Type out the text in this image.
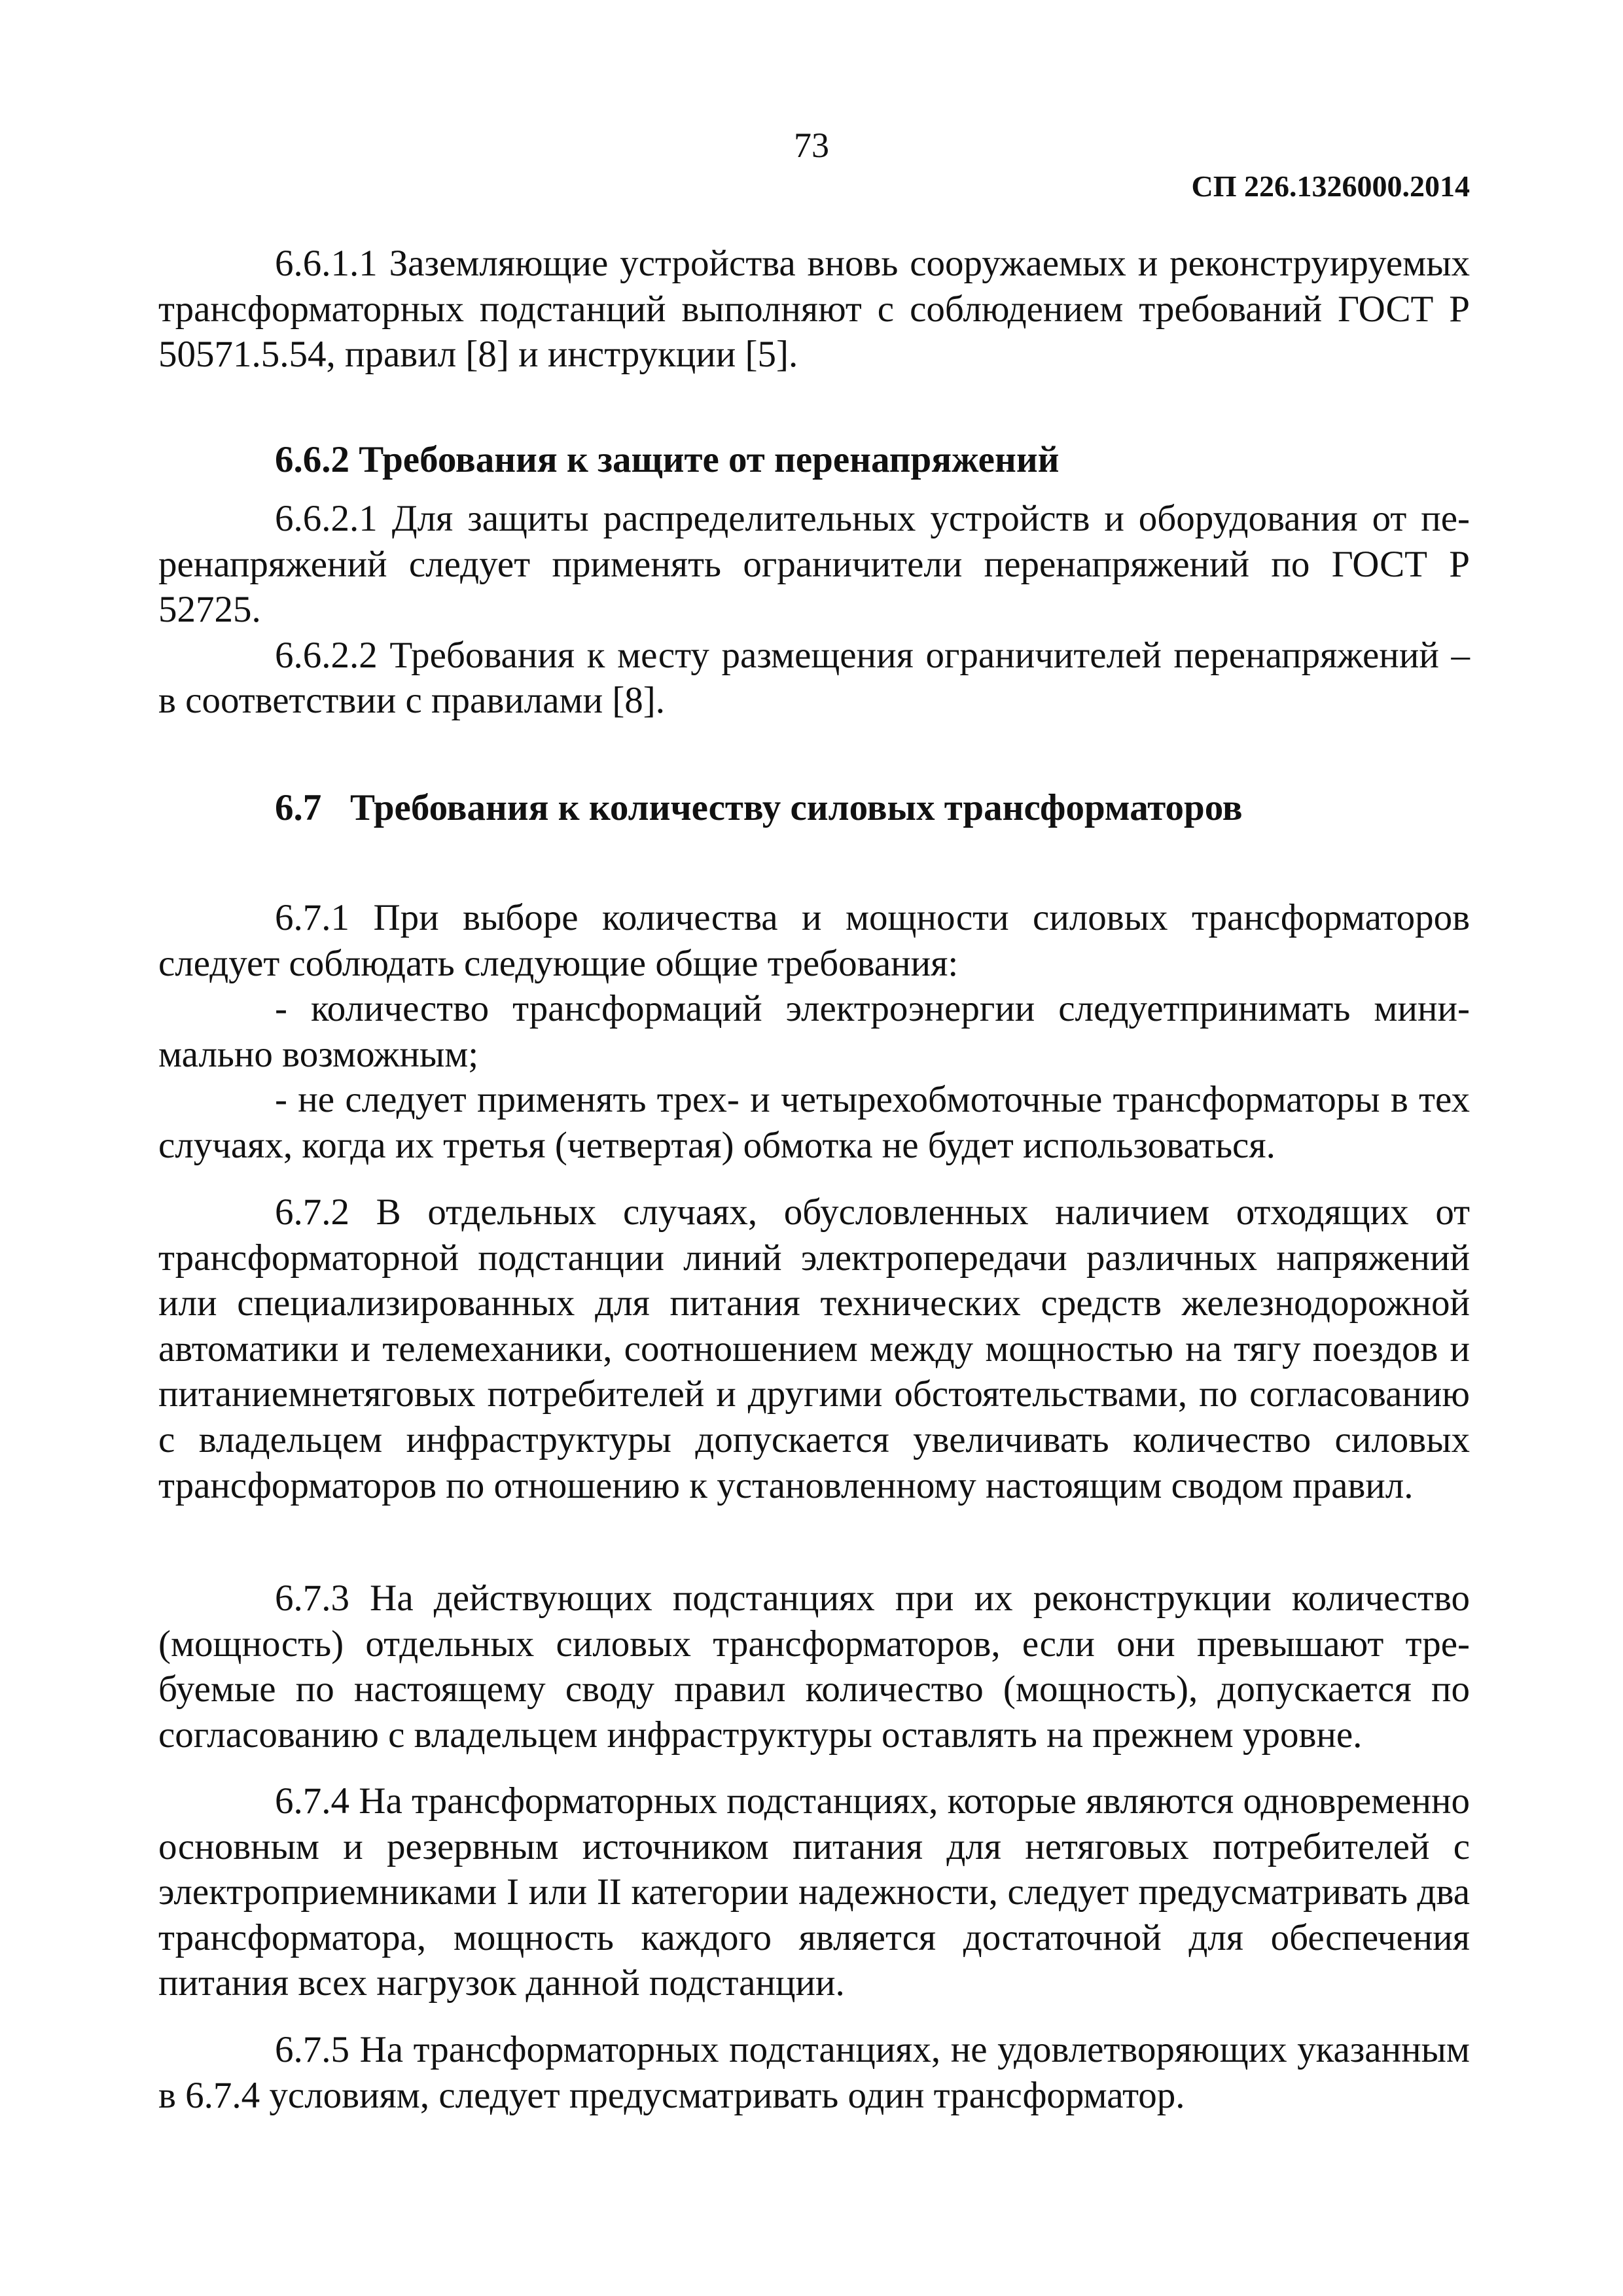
73
СП 226.1326000.2014

6.6.1.1 Заземляющие устройства вновь сооружаемых и реконструируемых трансформаторных подстанций выполняют с соблюдением требований ГОСТ Р 50571.5.54, правил [8] и инструкции [5].

6.6.2 Требования к защите от перенапряжений

6.6.2.1 Для защиты распределительных устройств и оборудования от перенапряжений следует применять ограничители перенапряжений по ГОСТ Р 52725.

6.6.2.2 Требования к месту размещения ограничителей перенапряжений – в соответствии с правилами [8].

6.7 Требования к количеству силовых трансформаторов

6.7.1 При выборе количества и мощности силовых трансформаторов следует соблюдать следующие общие требования:

- количество трансформаций электроэнергии следуетпринимать минимально возможным;

- не следует применять трех- и четырехобмоточные трансформаторы в тех случаях, когда их третья (четвертая) обмотка не будет использоваться.

6.7.2 В отдельных случаях, обусловленных наличием отходящих от трансформаторной подстанции линий электропередачи различных напряжений или специализированных для питания технических средств железнодорожной автоматики и телемеханики, соотношением между мощностью на тягу поездов и питаниемнетяговых потребителей и другими обстоятельствами, по согласованию с владельцем инфраструктуры допускается увеличивать количество силовых трансформаторов по отношению к установленному настоящим сводом правил.

6.7.3 На действующих подстанциях при их реконструкции количество (мощность) отдельных силовых трансформаторов, если они превышают требуемые по настоящему своду правил количество (мощность), допускается по согласованию с владельцем инфраструктуры оставлять на прежнем уровне.

6.7.4 На трансформаторных подстанциях, которые являются одновременно основным и резервным источником питания для нетяговых потребителей с электроприемниками I или II категории надежности, следует предусматривать два трансформатора, мощность каждого является достаточной для обеспечения питания всех нагрузок данной подстанции.

6.7.5 На трансформаторных подстанциях, не удовлетворяющих указанным в 6.7.4 условиям, следует предусматривать один трансформатор.
